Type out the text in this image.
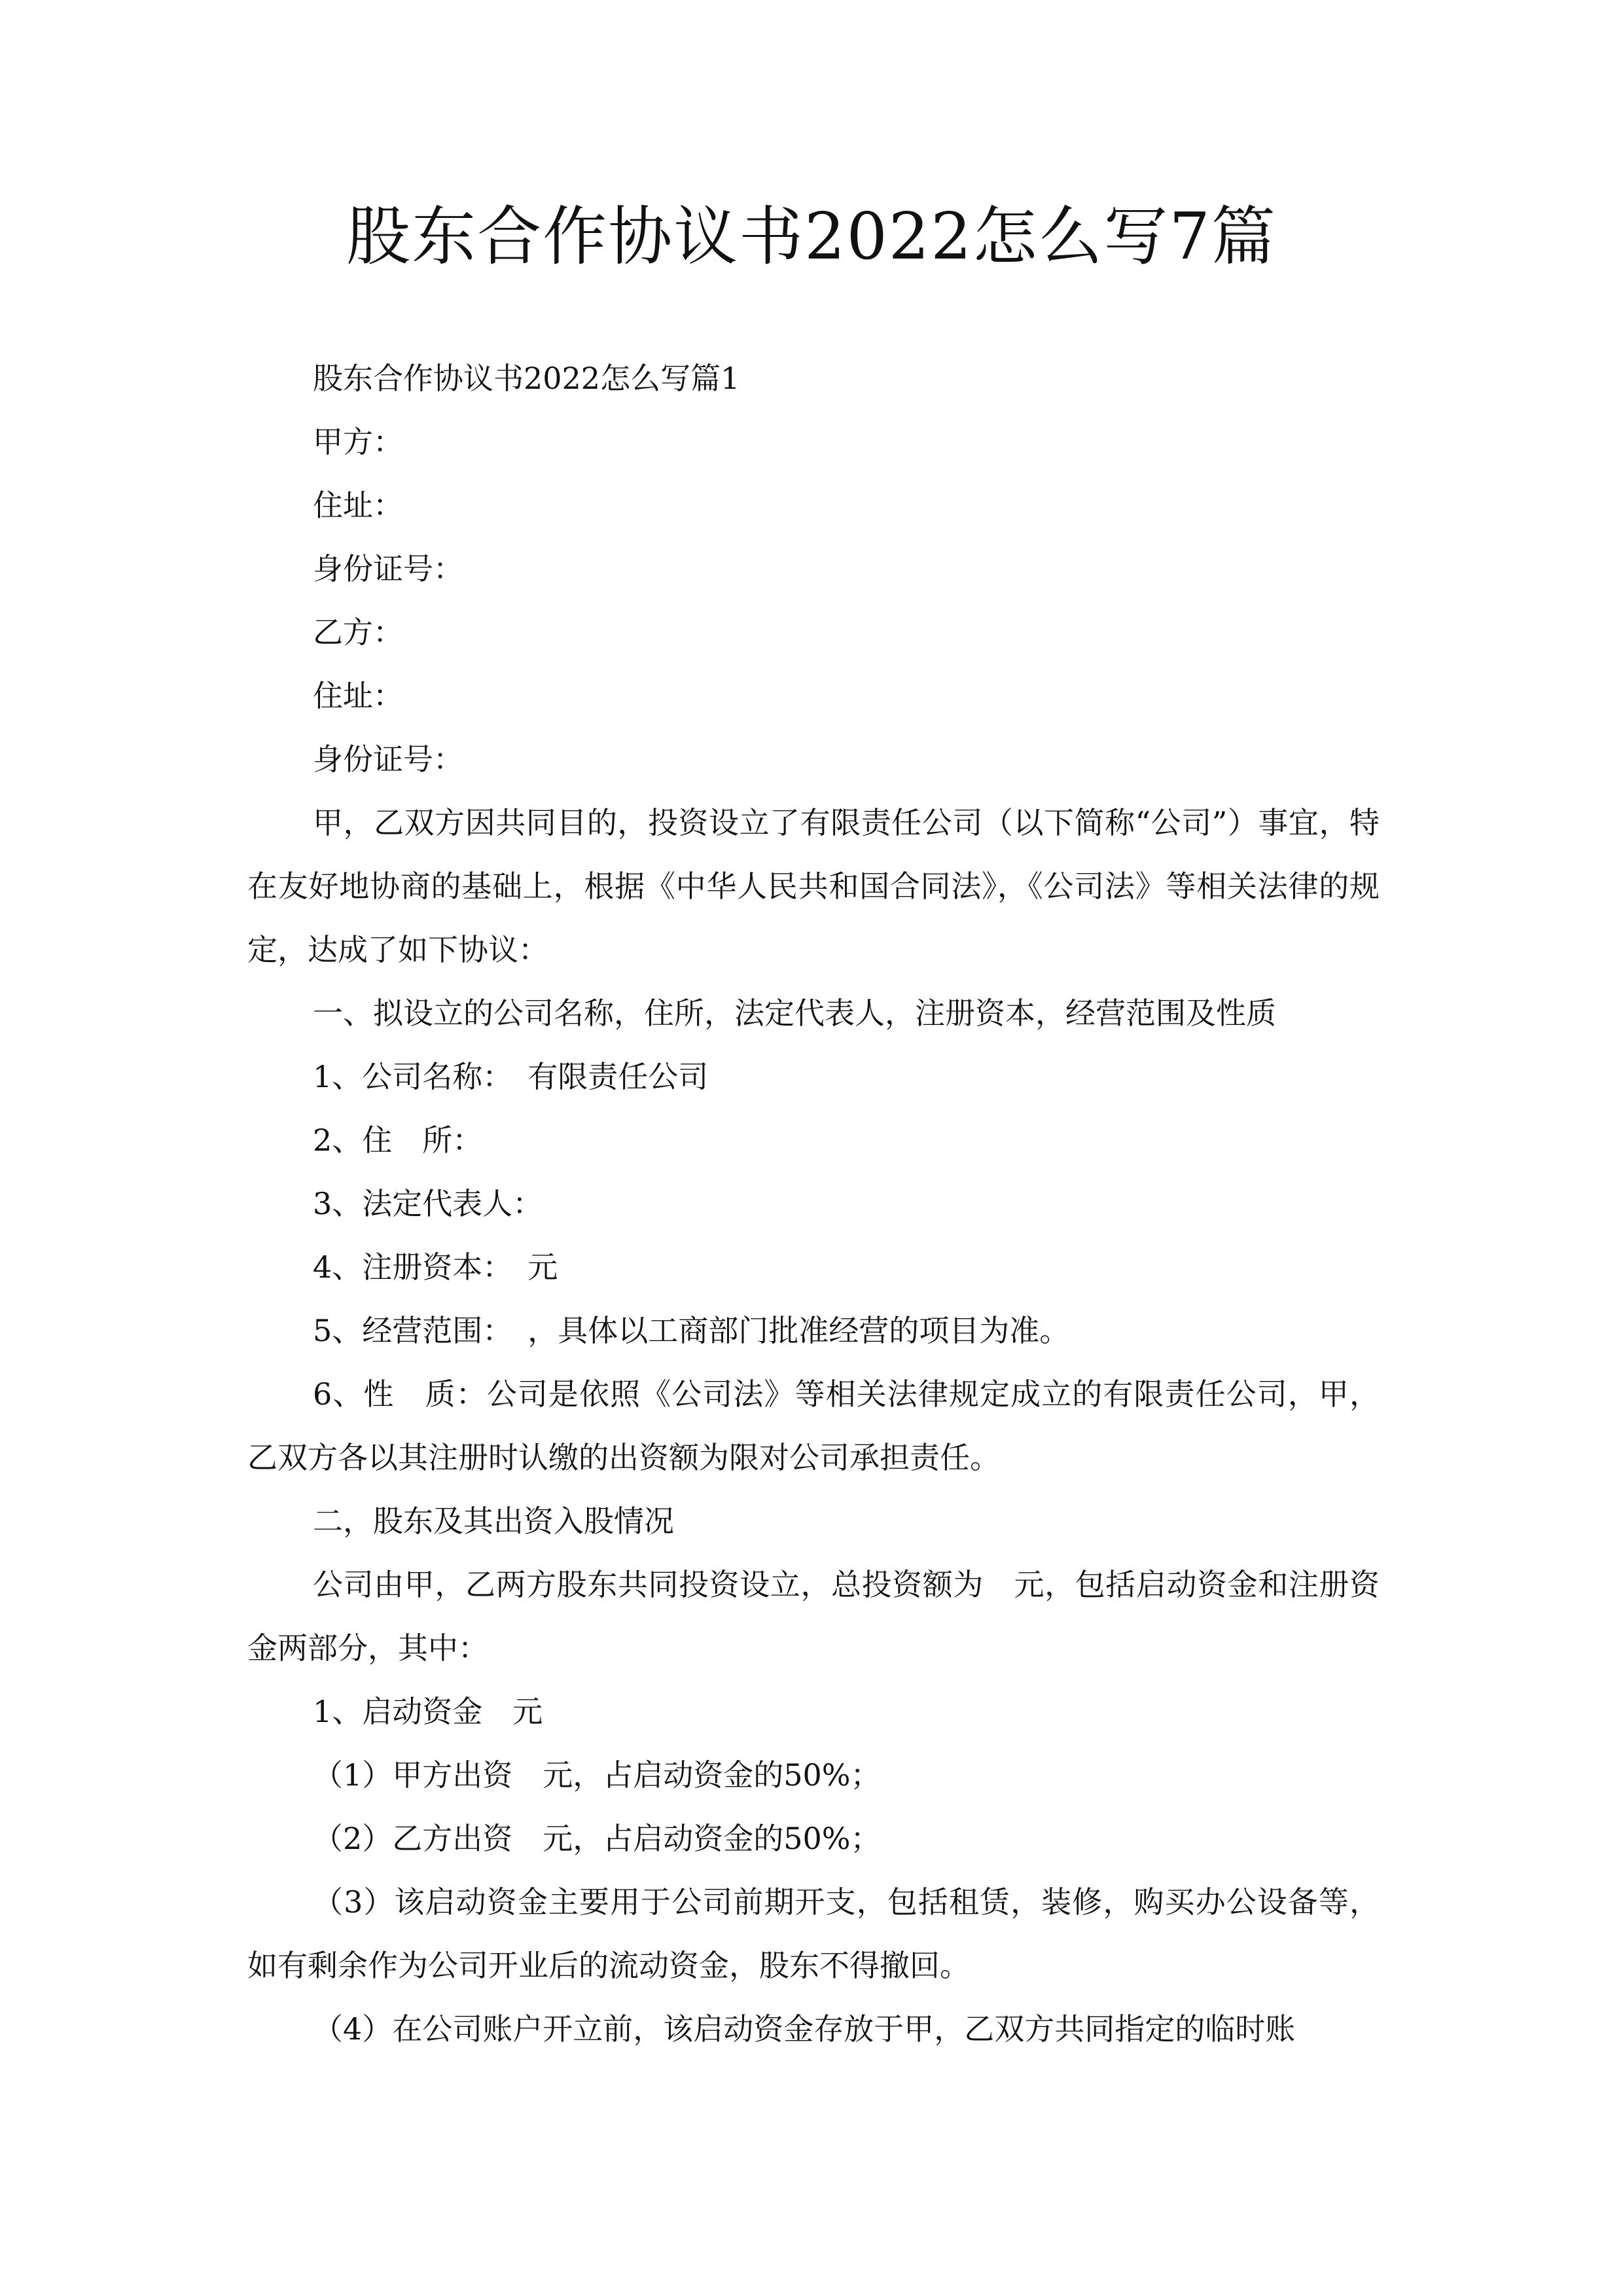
股东合作协议书2022怎么写7篇

股东合作协议书2022怎么写篇1

甲方：

住址：

身份证号：

乙方：

住址：

身份证号：

甲，乙双方因共同目的，投资设立了有限责任公司（以下简称“公司”）事宜，特在友好地协商的基础上，根据《中华人民共和国合同法》，《公司法》等相关法律的规定，达成了如下协议：

一、拟设立的公司名称，住所，法定代表人，注册资本，经营范围及性质

1、公司名称：　有限责任公司

2、住　所：

3、法定代表人：

4、注册资本：　元

5、经营范围：　，具体以工商部门批准经营的项目为准。

6、性　质：公司是依照《公司法》等相关法律规定成立的有限责任公司，甲，乙双方各以其注册时认缴的出资额为限对公司承担责任。

二，股东及其出资入股情况

公司由甲，乙两方股东共同投资设立，总投资额为　元，包括启动资金和注册资金两部分，其中：

1、启动资金　元

（1）甲方出资　元，占启动资金的50%；

（2）乙方出资　元，占启动资金的50%；

（3）该启动资金主要用于公司前期开支，包括租赁，装修，购买办公设备等，如有剩余作为公司开业后的流动资金，股东不得撤回。

（4）在公司账户开立前，该启动资金存放于甲，乙双方共同指定的临时账
